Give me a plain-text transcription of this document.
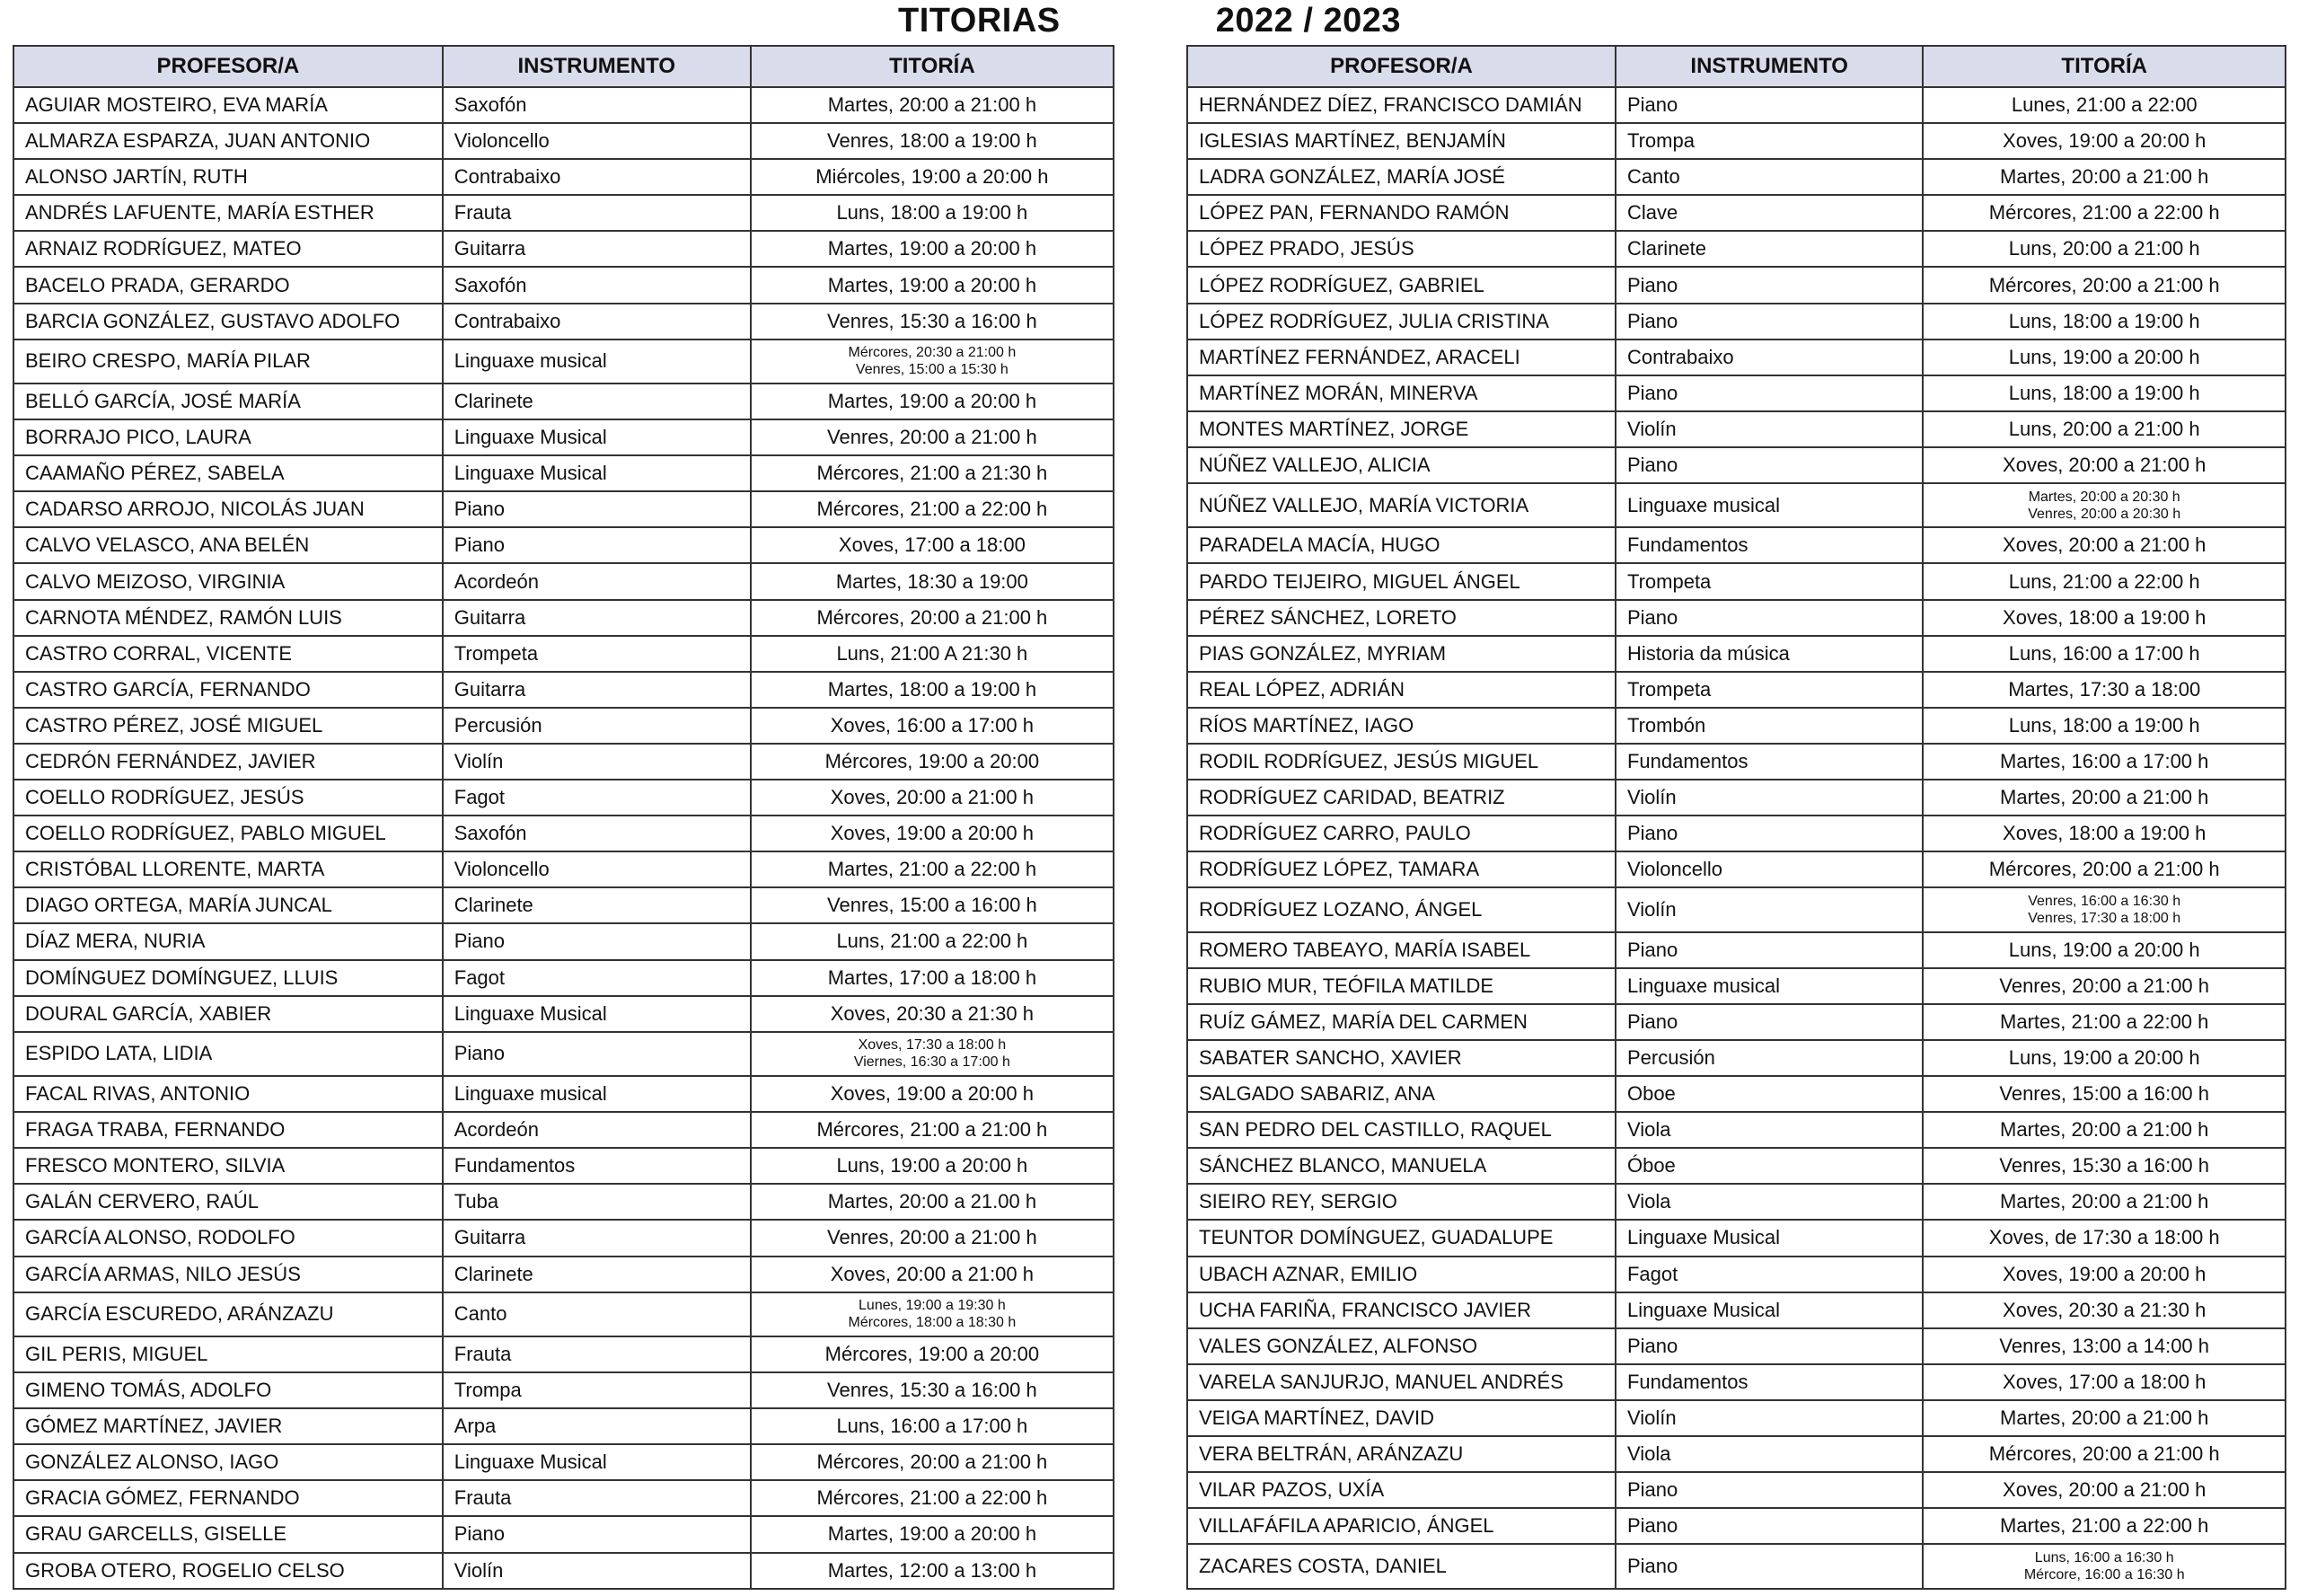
TITORIAS	2022 / 2023
PROFESOR/A	INSTRUMENTO	TITORÍA
AGUIAR MOSTEIRO, EVA MARÍA	Saxofón	Martes, 20:00 a 21:00 h

ALMARZA ESPARZA, JUAN ANTONIO	Violoncello	Venres, 18:00 a 19:00 h

ALONSO JARTÍN, RUTH	Contrabaixo	Miércoles, 19:00 a 20:00 h

ANDRÉS LAFUENTE, MARÍA ESTHER	Frauta	Luns, 18:00 a 19:00 h

ARNAIZ RODRÍGUEZ, MATEO	Guitarra	Martes, 19:00 a 20:00 h

BACELO PRADA, GERARDO	Saxofón	Martes, 19:00 a 20:00 h

BARCIA GONZÁLEZ, GUSTAVO ADOLFO	Contrabaixo	Venres, 15:30 a 16:00 h

BEIRO CRESPO, MARÍA PILAR	Linguaxe musical	Mércores, 20:30 a 21:00 h
Venres, 15:00 a 15:30 h

BELLÓ GARCÍA, JOSÉ MARÍA	Clarinete	Martes, 19:00 a 20:00 h

BORRAJO PICO, LAURA	Linguaxe Musical	Venres, 20:00 a 21:00 h

CAAMAÑO PÉREZ, SABELA	Linguaxe Musical	Mércores, 21:00 a 21:30 h

CADARSO ARROJO, NICOLÁS JUAN	Piano	Mércores, 21:00 a 22:00 h

CALVO VELASCO, ANA BELÉN	Piano	Xoves, 17:00 a 18:00

CALVO MEIZOSO, VIRGINIA	Acordeón	Martes, 18:30 a 19:00

CARNOTA MÉNDEZ, RAMÓN LUIS	Guitarra	Mércores, 20:00 a 21:00 h

CASTRO CORRAL, VICENTE	Trompeta	Luns, 21:00 A 21:30 h

CASTRO GARCÍA, FERNANDO	Guitarra	Martes, 18:00 a 19:00 h

CASTRO PÉREZ, JOSÉ MIGUEL	Percusión	Xoves, 16:00 a 17:00 h

CEDRÓN FERNÁNDEZ, JAVIER	Violín	Mércores, 19:00 a 20:00

COELLO RODRÍGUEZ, JESÚS	Fagot	Xoves, 20:00 a 21:00 h

COELLO RODRÍGUEZ, PABLO MIGUEL	Saxofón	Xoves, 19:00 a 20:00 h

CRISTÓBAL LLORENTE, MARTA	Violoncello	Martes, 21:00 a 22:00 h

DIAGO ORTEGA, MARÍA JUNCAL	Clarinete	Venres, 15:00 a 16:00 h

DÍAZ MERA, NURIA	Piano	Luns, 21:00 a 22:00 h

DOMÍNGUEZ DOMÍNGUEZ, LLUIS	Fagot	Martes, 17:00 a 18:00 h

DOURAL GARCÍA, XABIER	Linguaxe Musical	Xoves, 20:30 a 21:30 h

ESPIDO LATA, LIDIA	Piano	Xoves, 17:30 a 18:00 h
Viernes, 16:30 a 17:00 h

FACAL RIVAS, ANTONIO	Linguaxe musical	Xoves, 19:00 a 20:00 h

FRAGA TRABA, FERNANDO	Acordeón	Mércores, 21:00 a 21:00 h

FRESCO MONTERO, SILVIA	Fundamentos	Luns, 19:00 a 20:00 h

GALÁN CERVERO, RAÚL	Tuba	Martes, 20:00 a 21.00 h

GARCÍA ALONSO, RODOLFO	Guitarra	Venres, 20:00 a 21:00 h

GARCÍA ARMAS, NILO JESÚS	Clarinete	Xoves, 20:00 a 21:00 h

GARCÍA ESCUREDO, ARÁNZAZU	Canto	Lunes, 19:00 a 19:30 h
Mércores, 18:00 a 18:30 h

GIL PERIS, MIGUEL	Frauta	Mércores, 19:00 a 20:00

GIMENO TOMÁS, ADOLFO	Trompa	Venres, 15:30 a 16:00 h

GÓMEZ MARTÍNEZ, JAVIER	Arpa	Luns, 16:00 a 17:00 h

GONZÁLEZ ALONSO, IAGO	Linguaxe Musical	Mércores, 20:00 a 21:00 h

GRACIA GÓMEZ, FERNANDO	Frauta	Mércores, 21:00 a 22:00 h

GRAU GARCELLS, GISELLE	Piano	Martes, 19:00 a 20:00 h

GROBA OTERO, ROGELIO CELSO	Violín	Martes, 12:00 a 13:00 h
PROFESOR/A	INSTRUMENTO	TITORÍA
HERNÁNDEZ DÍEZ, FRANCISCO DAMIÁN	Piano	Lunes, 21:00 a 22:00

IGLESIAS MARTÍNEZ, BENJAMÍN	Trompa	Xoves, 19:00 a 20:00 h

LADRA GONZÁLEZ, MARÍA JOSÉ	Canto	Martes, 20:00 a 21:00 h

LÓPEZ PAN, FERNANDO RAMÓN	Clave	Mércores, 21:00 a 22:00 h

LÓPEZ PRADO, JESÚS	Clarinete	Luns, 20:00 a 21:00 h

LÓPEZ RODRÍGUEZ, GABRIEL	Piano	Mércores, 20:00 a 21:00 h

LÓPEZ RODRÍGUEZ, JULIA CRISTINA	Piano	Luns, 18:00 a 19:00 h

MARTÍNEZ FERNÁNDEZ, ARACELI	Contrabaixo	Luns, 19:00 a 20:00 h

MARTÍNEZ MORÁN, MINERVA	Piano	Luns, 18:00 a 19:00 h

MONTES MARTÍNEZ, JORGE	Violín	Luns, 20:00 a 21:00 h

NÚÑEZ VALLEJO, ALICIA	Piano	Xoves, 20:00 a 21:00 h

NÚÑEZ VALLEJO, MARÍA VICTORIA	Linguaxe musical	Martes, 20:00 a 20:30 h
Venres, 20:00 a 20:30 h

PARADELA MACÍA, HUGO	Fundamentos	Xoves, 20:00 a 21:00 h

PARDO TEIJEIRO, MIGUEL ÁNGEL	Trompeta	Luns, 21:00 a 22:00 h

PÉREZ SÁNCHEZ, LORETO	Piano	Xoves, 18:00 a 19:00 h

PIAS GONZÁLEZ, MYRIAM	Historia da música	Luns, 16:00 a 17:00 h

REAL LÓPEZ, ADRIÁN	Trompeta	Martes, 17:30 a 18:00

RÍOS MARTÍNEZ, IAGO	Trombón	Luns, 18:00 a 19:00 h

RODIL RODRÍGUEZ, JESÚS MIGUEL	Fundamentos	Martes, 16:00 a 17:00 h

RODRÍGUEZ CARIDAD, BEATRIZ	Violín	Martes, 20:00 a 21:00 h

RODRÍGUEZ CARRO, PAULO	Piano	Xoves, 18:00 a 19:00 h

RODRÍGUEZ LÓPEZ, TAMARA	Violoncello	Mércores, 20:00 a 21:00 h

RODRÍGUEZ LOZANO, ÁNGEL	Violín	Venres, 16:00 a 16:30 h
Venres, 17:30 a 18:00 h

ROMERO TABEAYO, MARÍA ISABEL	Piano	Luns, 19:00 a 20:00 h

RUBIO MUR, TEÓFILA MATILDE	Linguaxe musical	Venres, 20:00 a 21:00 h

RUÍZ GÁMEZ, MARÍA DEL CARMEN	Piano	Martes, 21:00 a 22:00 h

SABATER SANCHO, XAVIER	Percusión	Luns, 19:00 a 20:00 h

SALGADO SABARIZ, ANA	Oboe	Venres, 15:00 a 16:00 h

SAN PEDRO DEL CASTILLO, RAQUEL	Viola	Martes, 20:00 a 21:00 h

SÁNCHEZ BLANCO, MANUELA	Óboe	Venres, 15:30 a 16:00 h

SIEIRO REY, SERGIO	Viola	Martes, 20:00 a 21:00 h

TEUNTOR DOMÍNGUEZ, GUADALUPE	Linguaxe Musical	Xoves, de 17:30 a 18:00 h

UBACH AZNAR, EMILIO	Fagot	Xoves, 19:00 a 20:00 h

UCHA FARIÑA, FRANCISCO JAVIER	Linguaxe Musical	Xoves, 20:30 a 21:30 h

VALES GONZÁLEZ, ALFONSO	Piano	Venres, 13:00 a 14:00 h

VARELA SANJURJO, MANUEL ANDRÉS	Fundamentos	Xoves, 17:00 a 18:00 h

VEIGA MARTÍNEZ, DAVID	Violín	Martes, 20:00 a 21:00 h

VERA BELTRÁN, ARÁNZAZU	Viola	Mércores, 20:00 a 21:00 h

VILAR PAZOS, UXÍA	Piano	Xoves, 20:00 a 21:00 h

VILLAFÁFILA APARICIO, ÁNGEL	Piano	Martes, 21:00 a 22:00 h

ZACARES COSTA, DANIEL	Piano	Luns, 16:00 a 16:30 h
Mércore, 16:00 a 16:30 h
